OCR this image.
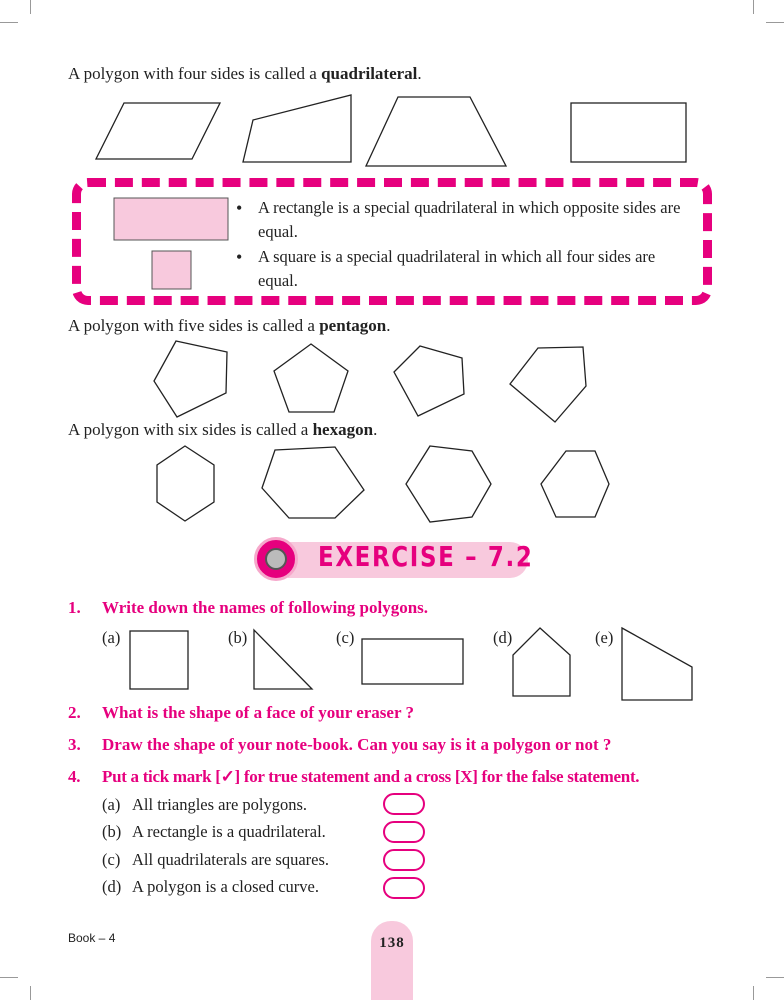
A polygon with four sides is called a quadrilateral.
• A rectangle is a special quadrilateral in which opposite sides are equal.
• A square is a special quadrilateral in which all four sides are equal.
A polygon with five sides is called a pentagon.
A polygon with six sides is called a hexagon.
EXERCISE – 7.2
1. Write down the names of following polygons.
(a)	(b)	(c)	(d)	(e)
2. What is the shape of a face of your eraser ?
3. Draw the shape of your note-book. Can you say is it a polygon or not ?
4. Put a tick mark [✓] for true statement and a cross [X] for the false statement.
(a) All triangles are polygons.
(b) A rectangle is a quadrilateral.
(c) All quadrilaterals are squares.
(d) A polygon is a closed curve.
Book – 4	138
